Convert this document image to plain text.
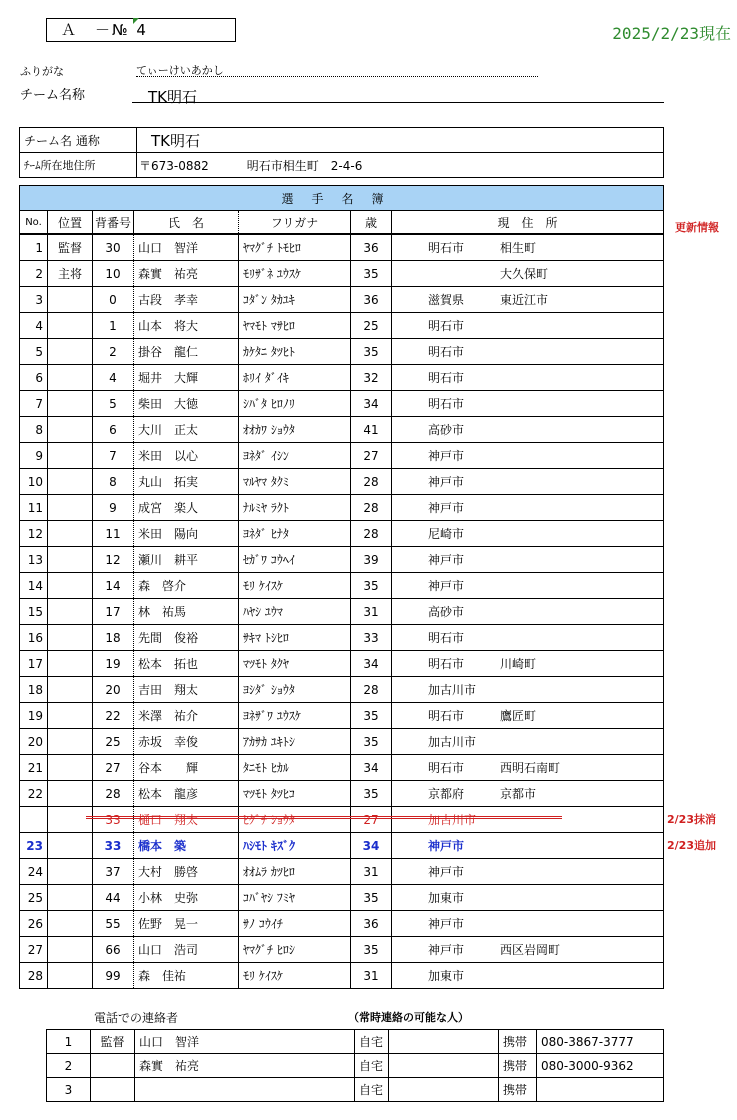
Ａ　－№ 4	2025/2/23現在
ふりがな	てぃーけいあかし
チーム名称	TK明石
チーム名 通称	TK明石
ﾁｰﾑ所在地住所	〒673-0882 明石市相生町　2-4-6
選手名簿						
No.	位置	背番号	氏　名	フリガナ	歳	現　住　所
1	監督	30	山口　智洋	ﾔﾏｸﾞﾁ ﾄﾓﾋﾛ	36	明石市 相生町
2	主将	10	森實　祐亮	ﾓﾘｻﾞﾈ ﾕｳｽｹ	35	大久保町
3		0	古段　孝幸	ｺﾀﾞﾝ ﾀｶﾕｷ	36	滋賀県 東近江市
4		1	山本　将大	ﾔﾏﾓﾄ ﾏｻﾋﾛ	25	明石市
5		2	掛谷　龍仁	ｶｹﾀﾆ ﾀﾂﾋﾄ	35	明石市
6		4	堀井　大輝	ﾎﾘｲ ﾀﾞｲｷ	32	明石市
7		5	柴田　大徳	ｼﾊﾞﾀ ﾋﾛﾉﾘ	34	明石市
8		6	大川　正太	ｵｵｶﾜ ｼｮｳﾀ	41	高砂市
9		7	米田　以心	ﾖﾈﾀﾞ ｲｼﾝ	27	神戸市
10		8	丸山　拓実	ﾏﾙﾔﾏ ﾀｸﾐ	28	神戸市
11		9	成宮　楽人	ﾅﾙﾐﾔ ﾗｸﾄ	28	神戸市
12		11	米田　陽向	ﾖﾈﾀﾞ ﾋﾅﾀ	28	尼崎市
13		12	瀬川　耕平	ｾｶﾞﾜ ｺｳﾍｲ	39	神戸市
14		14	森　啓介	ﾓﾘ ｹｲｽｹ	35	神戸市
15		17	林　祐馬	ﾊﾔｼ ﾕｳﾏ	31	高砂市
16		18	先間　俊裕	ｻｷﾏ ﾄｼﾋﾛ	33	明石市
17		19	松本　拓也	ﾏﾂﾓﾄ ﾀｸﾔ	34	明石市 川崎町
18		20	吉田　翔太	ﾖｼﾀﾞ ｼｮｳﾀ	28	加古川市
19		22	米澤　祐介	ﾖﾈｻﾞﾜ ﾕｳｽｹ	35	明石市 鷹匠町
20		25	赤坂　幸俊	ｱｶｻｶ ﾕｷﾄｼ	35	加古川市
21		27	谷本　　輝	ﾀﾆﾓﾄ ﾋｶﾙ	34	明石市 西明石南町
22		28	松本　龍彦	ﾏﾂﾓﾄ ﾀﾂﾋｺ	35	京都府 京都市
		33	樋口　翔太	ﾋｸﾞﾁ ｼｮｳﾀ	27	加古川市
23		33	橋本　築	ﾊｼﾓﾄ ｷｽﾞｸ	34	神戸市
24		37	大村　勝啓	ｵｵﾑﾗ ｶﾂﾋﾛ	31	神戸市
25		44	小林　史弥	ｺﾊﾞﾔｼ ﾌﾐﾔ	35	加東市
26		55	佐野　晃一	ｻﾉ ｺｳｲﾁ	36	神戸市
27		66	山口　浩司	ﾔﾏｸﾞﾁ ﾋﾛｼ	35	神戸市 西区岩岡町
28		99	森　佳祐	ﾓﾘ ｹｲｽｹ	31	加東市
更新情報
2/23抹消
2/23追加
電話での連絡者	（常時連絡の可能な人）
1	監督	山口　智洋	自宅		携帯	080-3867-3777
2		森實　祐亮	自宅		携帯	080-3000-9362
3			自宅		携帯	
